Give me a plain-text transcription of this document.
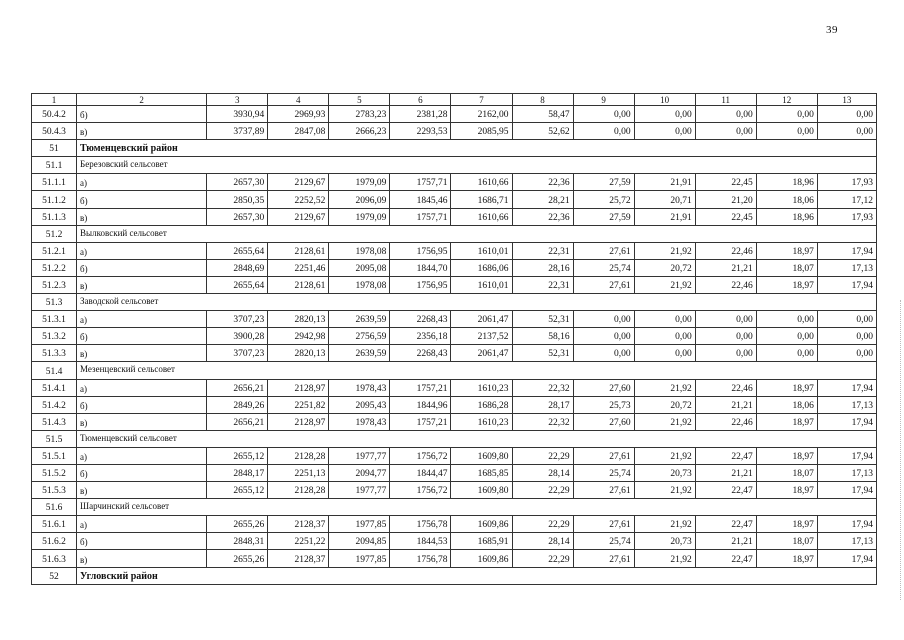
39
1	2	3	4	5	6	7	8	9	10	11	12	13
50.4.2	б)	3930,94	2969,93	2783,23	2381,28	2162,00	58,47	0,00	0,00	0,00	0,00	0,00
50.4.3	в)	3737,89	2847,08	2666,23	2293,53	2085,95	52,62	0,00	0,00	0,00	0,00	0,00
51	Тюменцевский район											
51.1	Березовский сельсовет											
51.1.1	а)	2657,30	2129,67	1979,09	1757,71	1610,66	22,36	27,59	21,91	22,45	18,96	17,93
51.1.2	б)	2850,35	2252,52	2096,09	1845,46	1686,71	28,21	25,72	20,71	21,20	18,06	17,12
51.1.3	в)	2657,30	2129,67	1979,09	1757,71	1610,66	22,36	27,59	21,91	22,45	18,96	17,93
51.2	Вылковский сельсовет											
51.2.1	а)	2655,64	2128,61	1978,08	1756,95	1610,01	22,31	27,61	21,92	22,46	18,97	17,94
51.2.2	б)	2848,69	2251,46	2095,08	1844,70	1686,06	28,16	25,74	20,72	21,21	18,07	17,13
51.2.3	в)	2655,64	2128,61	1978,08	1756,95	1610,01	22,31	27,61	21,92	22,46	18,97	17,94
51.3	Заводской сельсовет											
51.3.1	а)	3707,23	2820,13	2639,59	2268,43	2061,47	52,31	0,00	0,00	0,00	0,00	0,00
51.3.2	б)	3900,28	2942,98	2756,59	2356,18	2137,52	58,16	0,00	0,00	0,00	0,00	0,00
51.3.3	в)	3707,23	2820,13	2639,59	2268,43	2061,47	52,31	0,00	0,00	0,00	0,00	0,00
51.4	Мезенцевский сельсовет											
51.4.1	а)	2656,21	2128,97	1978,43	1757,21	1610,23	22,32	27,60	21,92	22,46	18,97	17,94
51.4.2	б)	2849,26	2251,82	2095,43	1844,96	1686,28	28,17	25,73	20,72	21,21	18,06	17,13
51.4.3	в)	2656,21	2128,97	1978,43	1757,21	1610,23	22,32	27,60	21,92	22,46	18,97	17,94
51.5	Тюменцевский сельсовет											
51.5.1	а)	2655,12	2128,28	1977,77	1756,72	1609,80	22,29	27,61	21,92	22,47	18,97	17,94
51.5.2	б)	2848,17	2251,13	2094,77	1844,47	1685,85	28,14	25,74	20,73	21,21	18,07	17,13
51.5.3	в)	2655,12	2128,28	1977,77	1756,72	1609,80	22,29	27,61	21,92	22,47	18,97	17,94
51.6	Шарчинский сельсовет											
51.6.1	а)	2655,26	2128,37	1977,85	1756,78	1609,86	22,29	27,61	21,92	22,47	18,97	17,94
51.6.2	б)	2848,31	2251,22	2094,85	1844,53	1685,91	28,14	25,74	20,73	21,21	18,07	17,13
51.6.3	в)	2655,26	2128,37	1977,85	1756,78	1609,86	22,29	27,61	21,92	22,47	18,97	17,94
52	Угловский район											
